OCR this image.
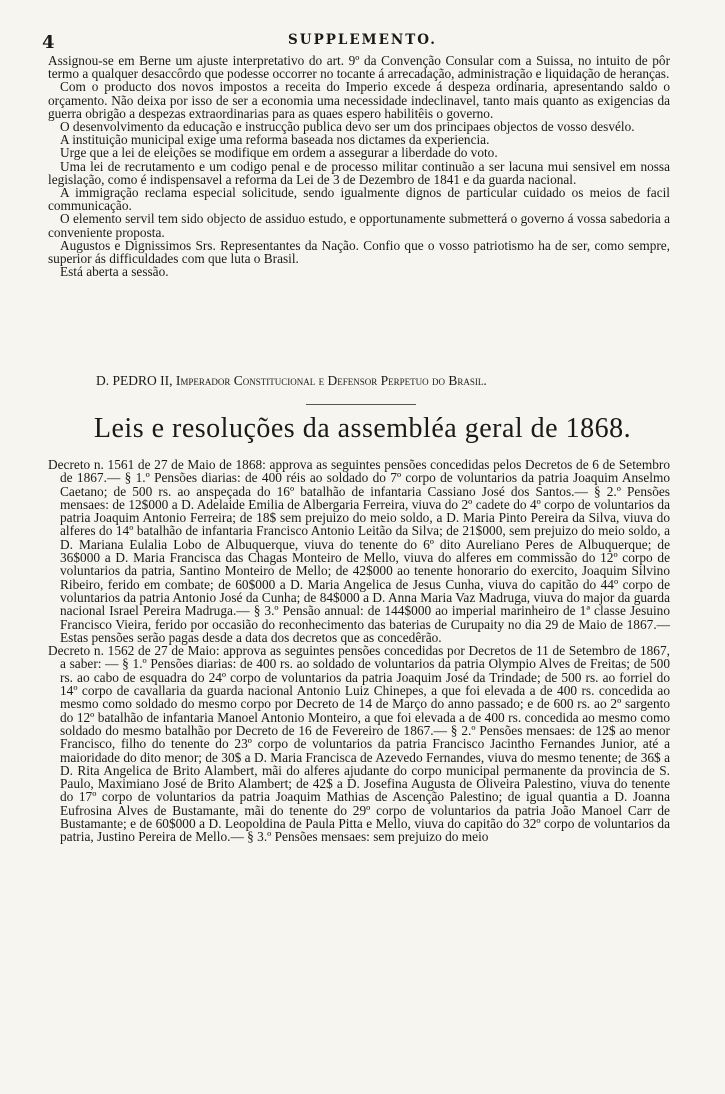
4	SUPPLEMENTO.

Assignou-se em Berne um ajuste interpretativo do art. 9º da Convenção Consular com a Suissa, no intuito de pôr termo a qualquer desaccôrdo que podesse occorrer no tocante á arrecadação, administração e liquidação de heranças.

Com o producto dos novos impostos a receita do Imperio excede á despeza ordinaria, apresentando saldo o orçamento. Não deixa por isso de ser a economia uma necessidade indeclinavel, tanto mais quanto as exigencias da guerra obrigão a despezas extraordinarias para as quaes espero habilitêis o governo.

O desenvolvimento da educação e instrucção publica devo ser um dos principaes objectos de vosso desvélo.

A instituição municipal exige uma reforma baseada nos dictames da experiencia.

Urge que a lei de eleições se modifique em ordem a assegurar a liberdade do voto.

Uma lei de recrutamento e um codigo penal e de processo militar continuão a ser lacuna mui sensivel em nossa legislação, como é indispensavel a reforma da Lei de 3 de Dezembro de 1841 e da guarda nacional.

A immigração reclama especial solicitude, sendo igualmente dignos de particular cuidado os meios de facil communicação.

O elemento servil tem sido objecto de assiduo estudo, e opportunamente submetterá o governo á vossa sabedoria a conveniente proposta.

Augustos e Dignissimos Srs. Representantes da Nação. Confio que o vosso patriotismo ha de ser, como sempre, superior ás difficuldades com que luta o Brasil.

Está aberta a sessão.

D. PEDRO II, Imperador Constitucional e Defensor Perpetuo do Brasil.
Leis e resoluções da assembléa geral de 1868.

Decreto n. 1561 de 27 de Maio de 1868: approva as seguintes pensões concedidas pelos Decretos de 6 de Setembro de 1867.— § 1.º Pensões diarias: de 400 réis ao soldado do 7º corpo de voluntarios da patria Joaquim Anselmo Caetano; de 500 rs. ao anspeçada do 16º batalhão de infantaria Cassiano José dos Santos.— § 2.º Pensões mensaes: de 12$000 a D. Adelaide Emilia de Albergaria Ferreira, viuva do 2º cadete do 4º corpo de voluntarios da patria Joaquim Antonio Ferreira; de 18$ sem prejuizo do meio soldo, a D. Maria Pinto Pereira da Silva, viuva do alferes do 14º batalhão de infantaria Francisco Antonio Leitão da Silva; de 21$000, sem prejuizo do meio soldo, a D. Mariana Eulalia Lobo de Albuquerque, viuva do tenente do 6º dito Aureliano Peres de Albuquerque; de 36$000 a D. Maria Francisca das Chagas Monteiro de Mello, viuva do alferes em commissão do 12º corpo de voluntarios da patria, Santino Monteiro de Mello; de 42$000 ao tenente honorario do exercito, Joaquim Silvino Ribeiro, ferido em combate; de 60$000 a D. Maria Angelica de Jesus Cunha, viuva do capitão do 44º corpo de voluntarios da patria Antonio José da Cunha; de 84$000 a D. Anna Maria Vaz Madruga, viuva do major da guarda nacional Israel Pereira Madruga.— § 3.º Pensão annual: de 144$000 ao imperial marinheiro de 1ª classe Jesuino Francisco Vieira, ferido por occasião do reconhecimento das baterias de Curupaity no dia 29 de Maio de 1867.— Estas pensões serão pagas desde a data dos decretos que as concedêrão.

Decreto n. 1562 de 27 de Maio: approva as seguintes pensões concedidas por Decretos de 11 de Setembro de 1867, a saber: — § 1.º Pensões diarias: de 400 rs. ao soldado de voluntarios da patria Olympio Alves de Freitas; de 500 rs. ao cabo de esquadra do 24º corpo de voluntarios da patria Joaquim José da Trindade; de 500 rs. ao forriel do 14º corpo de cavallaria da guarda nacional Antonio Luiz Chinepes, a que foi elevada a de 400 rs. concedida ao mesmo como soldado do mesmo corpo por Decreto de 14 de Março do anno passado; e de 600 rs. ao 2º sargento do 12º batalhão de infantaria Manoel Antonio Monteiro, a que foi elevada a de 400 rs. concedida ao mesmo como soldado do mesmo batalhão por Decreto de 16 de Fevereiro de 1867.— § 2.º Pensões mensaes: de 12$ ao menor Francisco, filho do tenente do 23º corpo de voluntarios da patria Francisco Jacintho Fernandes Junior, até a maioridade do dito menor; de 30$ a D. Maria Francisca de Azevedo Fernandes, viuva do mesmo tenente; de 36$ a D. Rita Angelica de Brito Alambert, mãi do alferes ajudante do corpo municipal permanente da provincia de S. Paulo, Maximiano José de Brito Alambert; de 42$ a D. Josefina Augusta de Oliveira Palestino, viuva do tenente do 17º corpo de voluntarios da patria Joaquim Mathias de Ascenção Palestino; de igual quantia a D. Joanna Eufrosina Alves de Bustamante, mãi do tenente do 29º corpo de voluntarios da patria João Manoel Carr de Bustamante; e de 60$000 a D. Leopoldina de Paula Pitta e Mello, viuva do capitão do 32º corpo de voluntarios da patria, Justino Pereira de Mello.— § 3.º Pensões mensaes: sem prejuizo do meio
